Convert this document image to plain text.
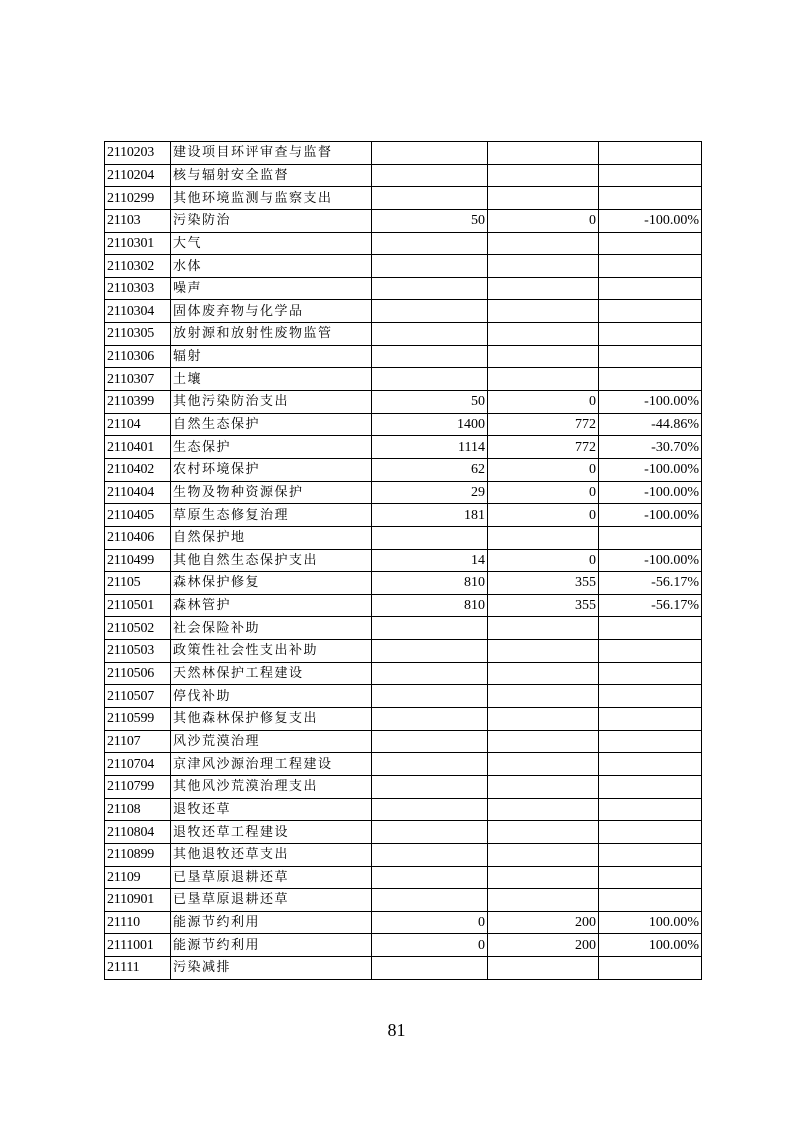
2110203	建设项目环评审查与监督			
2110204	核与辐射安全监督			
2110299	其他环境监测与监察支出			
21103	污染防治	50	0	-100.00%
2110301	大气			
2110302	水体			
2110303	噪声			
2110304	固体废弃物与化学品			
2110305	放射源和放射性废物监管			
2110306	辐射			
2110307	土壤			
2110399	其他污染防治支出	50	0	-100.00%
21104	自然生态保护	1400	772	-44.86%
2110401	生态保护	1114	772	-30.70%
2110402	农村环境保护	62	0	-100.00%
2110404	生物及物种资源保护	29	0	-100.00%
2110405	草原生态修复治理	181	0	-100.00%
2110406	自然保护地			
2110499	其他自然生态保护支出	14	0	-100.00%
21105	森林保护修复	810	355	-56.17%
2110501	森林管护	810	355	-56.17%
2110502	社会保险补助			
2110503	政策性社会性支出补助			
2110506	天然林保护工程建设			
2110507	停伐补助			
2110599	其他森林保护修复支出			
21107	风沙荒漠治理			
2110704	京津风沙源治理工程建设			
2110799	其他风沙荒漠治理支出			
21108	退牧还草			
2110804	退牧还草工程建设			
2110899	其他退牧还草支出			
21109	已垦草原退耕还草			
2110901	已垦草原退耕还草			
21110	能源节约利用	0	200	100.00%
2111001	能源节约利用	0	200	100.00%
21111	污染减排			
81
